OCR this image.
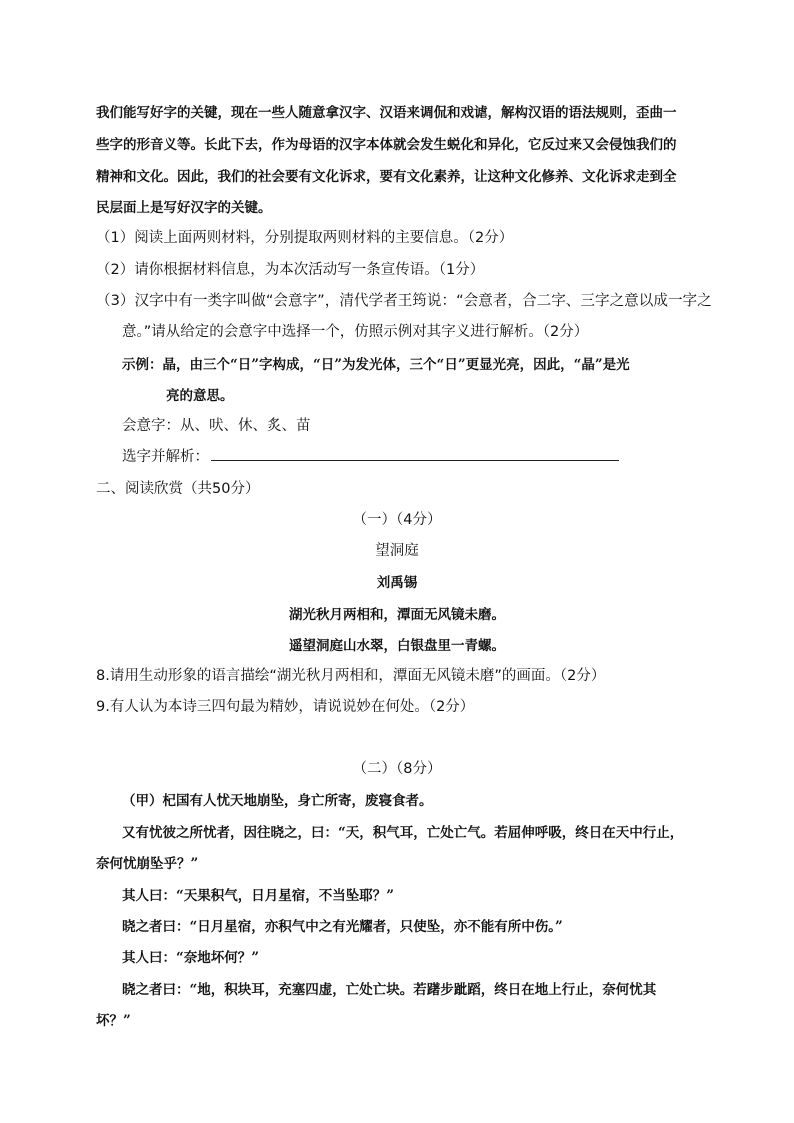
我们能写好字的关键，现在一些人随意拿汉字、汉语来调侃和戏谑，解构汉语的语法规则，歪曲一
些字的形音义等。长此下去，作为母语的汉字本体就会发生蜕化和异化，它反过来又会侵蚀我们的
精神和文化。因此，我们的社会要有文化诉求，要有文化素养，让这种文化修养、文化诉求走到全
民层面上是写好汉字的关键。
（1）阅读上面两则材料，分别提取两则材料的主要信息。（2分）
（2）请你根据材料信息，为本次活动写一条宣传语。（1分）
（3）汉字中有一类字叫做“会意字”，清代学者王筠说：“会意者，合二字、三字之意以成一字之
意。”请从给定的会意字中选择一个，仿照示例对其字义进行解析。（2分）
示例：晶，由三个“日”字构成，“日”为发光体，三个“日”更显光亮，因此，“晶”是光
亮的意思。
会意字：从、吠、休、炙、苗
选字并解析：
二、阅读欣赏（共50分）
（一）（4分）
望洞庭
刘禹锡
湖光秋月两相和，潭面无风镜未磨。
遥望洞庭山水翠，白银盘里一青螺。
8.请用生动形象的语言描绘“湖光秋月两相和，潭面无风镜未磨”的画面。（2分）
9.有人认为本诗三四句最为精妙，请说说妙在何处。（2分）
（二）（8分）
（甲）杞国有人忧天地崩坠，身亡所寄，废寝食者。
又有忧彼之所忧者，因往晓之，曰：“天，积气耳，亡处亡气。若屈伸呼吸，终日在天中行止，
奈何忧崩坠乎？”
其人曰：“天果积气，日月星宿，不当坠耶？”
晓之者曰：“日月星宿，亦积气中之有光耀者，只使坠，亦不能有所中伤。”
其人曰：“奈地坏何？”
晓之者曰：“地，积块耳，充塞四虚，亡处亡块。若躇步跐蹈，终日在地上行止，奈何忧其
坏？”
